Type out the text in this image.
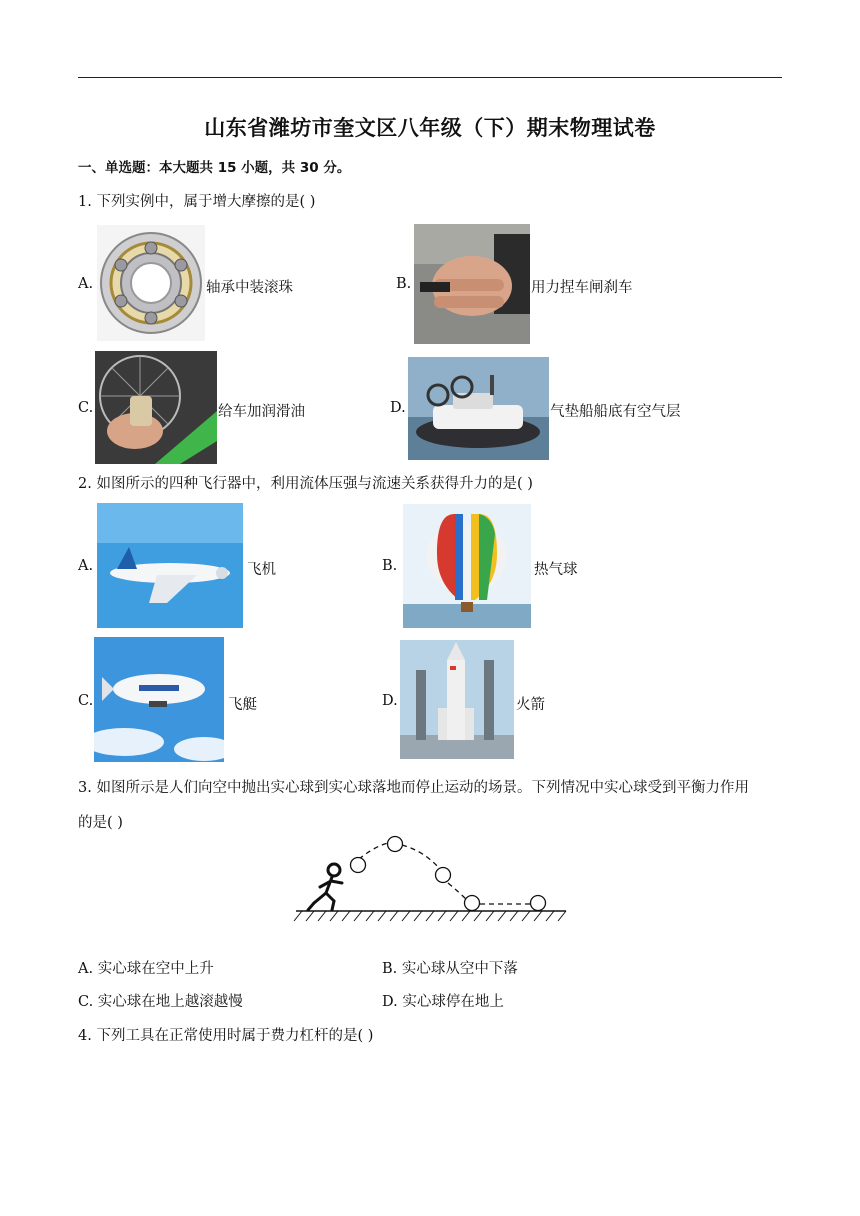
山东省潍坊市奎文区八年级（下）期末物理试卷
一、单选题：本大题共 15 小题，共 30 分。
1. 下列实例中，属于增大摩擦的是( )
A.	轴承中装滚珠	B.	用力捏车闸刹车
C.	给车加润滑油	D.	气垫船船底有空气层
2. 如图所示的四种飞行器中，利用流体压强与流速关系获得升力的是( )
A.	飞机	B.	热气球
C.	飞艇	D.	火箭
3. 如图所示是人们向空中抛出实心球到实心球落地而停止运动的场景。下列情况中实心球受到平衡力作用
的是( )
A. 实心球在空中上升	B. 实心球从空中下落
C. 实心球在地上越滚越慢	D. 实心球停在地上
4. 下列工具在正常使用时属于费力杠杆的是( )
